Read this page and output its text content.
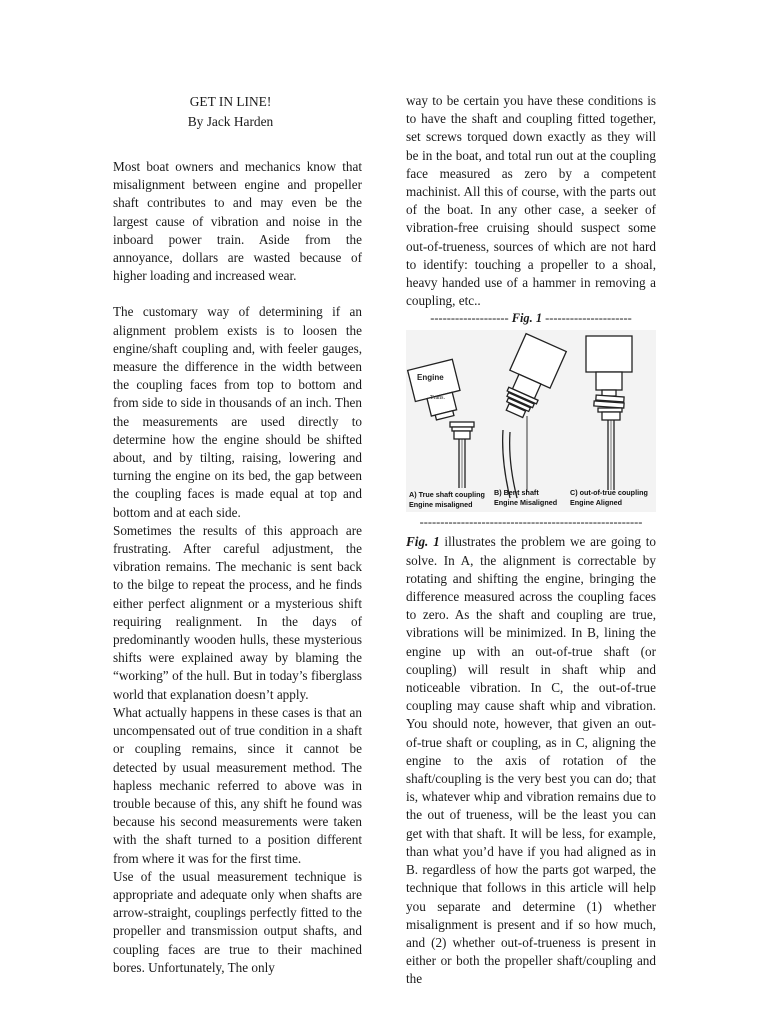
GET IN LINE!
By Jack Harden

Most boat owners and mechanics know that misalignment between engine and propeller shaft contributes to and may even be the largest cause of vibration and noise in the inboard power train. Aside from the annoyance, dollars are wasted because of higher loading and increased wear.

The customary way of determining if an alignment problem exists is to loosen the engine/shaft coupling and, with feeler gauges, measure the difference in the width between the coupling faces from top to bottom and from side to side in thousands of an inch. Then the measurements are used directly to determine how the engine should be shifted about, and by tilting, raising, lowering and turning the engine on its bed, the gap between the coupling faces is made equal at top and bottom and at each side.

Sometimes the results of this approach are frustrating. After careful adjustment, the vibration remains. The mechanic is sent back to the bilge to repeat the process, and he finds either perfect alignment or a mysterious shift requiring realignment. In the days of predominantly wooden hulls, these mysterious shifts were explained away by blaming the “working” of the hull. But in today’s fiberglass world that explanation doesn’t apply.

What actually happens in these cases is that an uncompensated out of true condition in a shaft or coupling remains, since it cannot be detected by usual measurement method. The hapless mechanic referred to above was in trouble because of this, any shift he found was because his second measurements were taken with the shaft turned to a position different from where it was for the first time.

Use of the usual measurement technique is appropriate and adequate only when shafts are arrow-straight, couplings perfectly fitted to the propeller and transmission output shafts, and coupling faces are true to their machined bores. Unfortunately, The only

way to be certain you have these conditions is to have the shaft and coupling fitted together, set screws torqued down exactly as they will be in the boat, and total run out at the coupling face measured as zero by a competent machinist. All this of course, with the parts out of the boat. In any other case, a seeker of vibration-free cruising should suspect some out-of-trueness, sources of which are not hard to identify: touching a propeller to a shoal, heavy handed use of a hammer in removing a coupling, etc..

------------------- Fig. 1 ---------------------
Engine
Trans.
A) True shaft coupling
Engine misaligned
B) Bent shaft
Engine Misaligned
C) out-of-true coupling
Engine Aligned
------------------------------------------------------

Fig. 1 illustrates the problem we are going to solve. In A, the alignment is correctable by rotating and shifting the engine, bringing the difference measured across the coupling faces to zero. As the shaft and coupling are true, vibrations will be minimized. In B, lining the engine up with an out-of-true shaft (or coupling) will result in shaft whip and noticeable vibration. In C, the out-of-true coupling may cause shaft whip and vibration. You should note, however, that given an out-of-true shaft or coupling, as in C, aligning the engine to the axis of rotation of the shaft/coupling is the very best you can do; that is, whatever whip and vibration remains due to the out of trueness, will be the least you can get with that shaft. It will be less, for example, than what you’d have if you had aligned as in B. regardless of how the parts got warped, the technique that follows in this article will help you separate and determine (1) whether misalignment is present and if so how much, and (2) whether out-of-trueness is present in either or both the propeller shaft/coupling and the
